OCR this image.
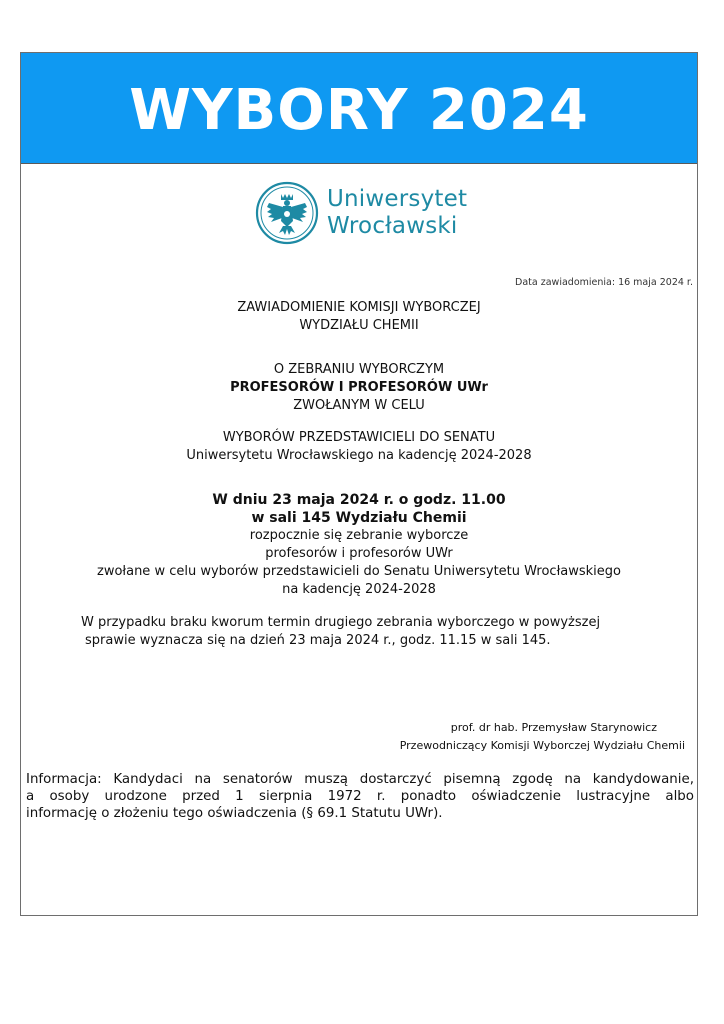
WYBORY 2024
Uniwersytet
Wrocławski
Data zawiadomienia: 16 maja 2024 r.
ZAWIADOMIENIE KOMISJI WYBORCZEJ
WYDZIAŁU CHEMII
O ZEBRANIU WYBORCZYM
PROFESORÓW I PROFESORÓW UWr
ZWOŁANYM W CELU
WYBORÓW PRZEDSTAWICIELI DO SENATU
Uniwersytetu Wrocławskiego na kadencję 2024-2028
W dniu 23 maja 2024 r. o godz. 11.00
w sali 145 Wydziału Chemii
rozpocznie się zebranie wyborcze
profesorów i profesorów UWr
zwołane w celu wyborów przedstawicieli do Senatu Uniwersytetu Wrocławskiego
na kadencję 2024-2028
W przypadku braku kworum termin drugiego zebrania wyborczego w powyższej
sprawie wyznacza się na dzień 23 maja 2024 r., godz. 11.15 w sali 145.
prof. dr hab. Przemysław Starynowicz
Przewodniczący Komisji Wyborczej Wydziału Chemii
Informacja: Kandydaci na senatorów muszą dostarczyć pisemną zgodę na kandydowanie,
a osoby urodzone przed 1 sierpnia 1972 r. ponadto oświadczenie lustracyjne albo
informację o złożeniu tego oświadczenia (§ 69.1 Statutu UWr).
